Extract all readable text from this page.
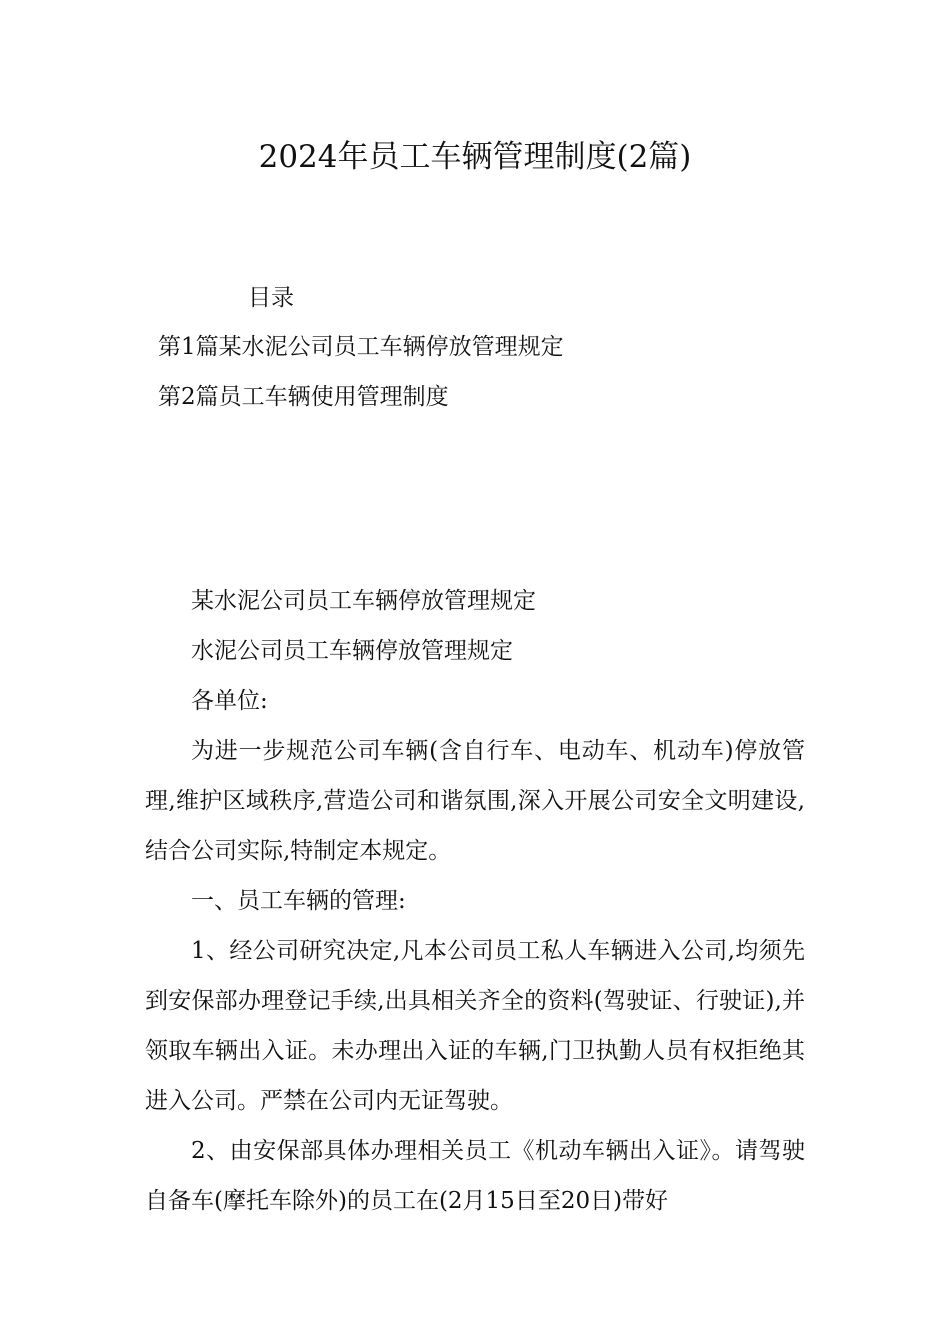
2024年员工车辆管理制度(2篇)
目录
第1篇某水泥公司员工车辆停放管理规定
第2篇员工车辆使用管理制度

某水泥公司员工车辆停放管理规定

水泥公司员工车辆停放管理规定

各单位:

为进一步规范公司车辆(含自行车、电动车、机动车)停放管理,维护区域秩序,营造公司和谐氛围,深入开展公司安全文明建设,结合公司实际,特制定本规定。

一、员工车辆的管理:

1、经公司研究决定,凡本公司员工私人车辆进入公司,均须先到安保部办理登记手续,出具相关齐全的资料(驾驶证、行驶证),并领取车辆出入证。未办理出入证的车辆,门卫执勤人员有权拒绝其进入公司。严禁在公司内无证驾驶。

2、由安保部具体办理相关员工《机动车辆出入证》。请驾驶自备车(摩托车除外)的员工在(2月15日至20日)带好
